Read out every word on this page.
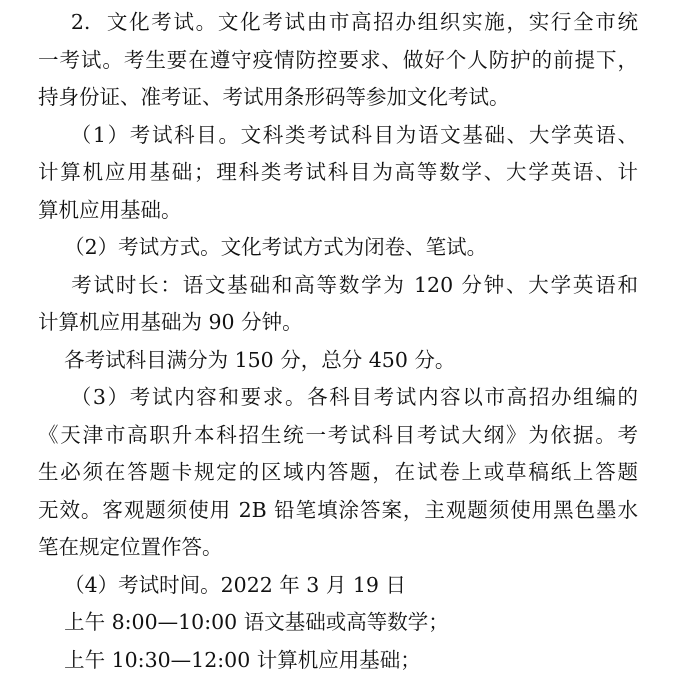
2.  文化考试。文化考试由市高招办组织实施，实行全市统
一考试。考生要在遵守疫情防控要求、做好个人防护的前提下，
持身份证、准考证、考试用条形码等参加文化考试。
（1）考试科目。文科类考试科目为语文基础、大学英语、
计算机应用基础；理科类考试科目为高等数学、大学英语、计
算机应用基础。
（2）考试方式。文化考试方式为闭卷、笔试。
考试时长：语文基础和高等数学为 120 分钟、大学英语和
计算机应用基础为 90 分钟。
各考试科目满分为 150 分，总分 450 分。
（3）考试内容和要求。各科目考试内容以市高招办组编的
《天津市高职升本科招生统一考试科目考试大纲》为依据。考
生必须在答题卡规定的区域内答题，在试卷上或草稿纸上答题
无效。客观题须使用 2B 铅笔填涂答案，主观题须使用黑色墨水
笔在规定位置作答。
（4）考试时间。2022 年 3 月 19 日
上午 8:00—10:00 语文基础或高等数学；
上午 10:30—12:00 计算机应用基础；
